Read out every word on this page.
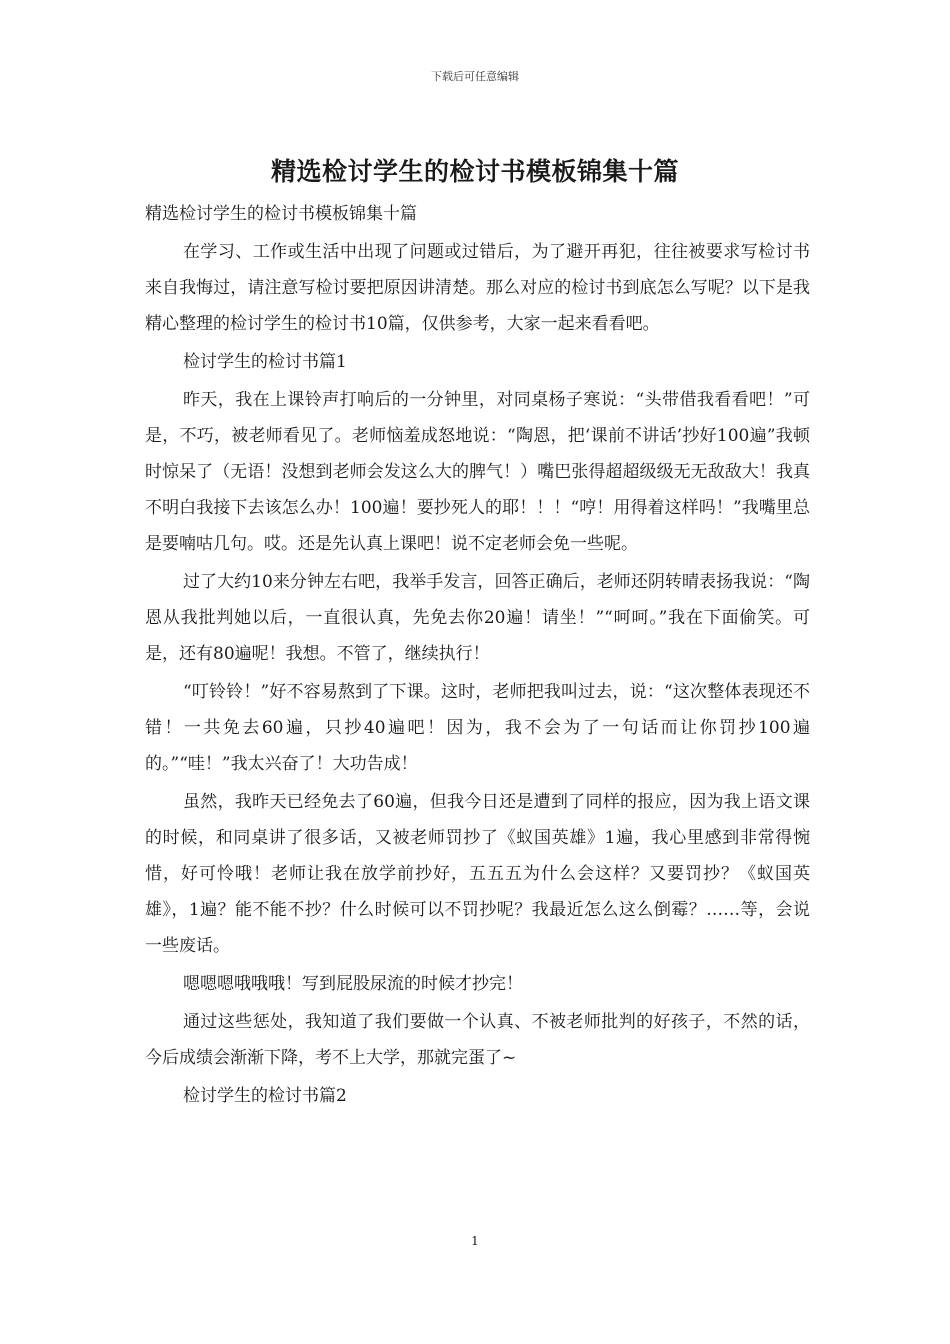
下载后可任意编辑
精选检讨学生的检讨书模板锦集十篇

精选检讨学生的检讨书模板锦集十篇

在学习、工作或生活中出现了问题或过错后，为了避开再犯，往往被要求写检讨书来自我悔过，请注意写检讨要把原因讲清楚。那么对应的检讨书到底怎么写呢？以下是我精心整理的检讨学生的检讨书10篇，仅供参考，大家一起来看看吧。

检讨学生的检讨书篇1

昨天，我在上课铃声打响后的一分钟里，对同桌杨子寒说：“头带借我看看吧！”可是，不巧，被老师看见了。老师恼羞成怒地说：“陶恩，把‘课前不讲话’抄好100遍”我顿时惊呆了（无语！没想到老师会发这么大的脾气！）嘴巴张得超超级级无无敌敌大！我真不明白我接下去该怎么办！100遍！要抄死人的耶！！！“哼！用得着这样吗！”我嘴里总是要喃咕几句。哎。还是先认真上课吧！说不定老师会免一些呢。

过了大约10来分钟左右吧，我举手发言，回答正确后，老师还阴转晴表扬我说：“陶恩从我批判她以后，一直很认真，先免去你20遍！请坐！”“呵呵。”我在下面偷笑。可是，还有80遍呢！我想。不管了，继续执行！

“叮铃铃！”好不容易熬到了下课。这时，老师把我叫过去，说：“这次整体表现还不错！一共免去60遍，只抄40遍吧！因为，我不会为了一句话而让你罚抄100遍的。”“哇！”我太兴奋了！大功告成！

虽然，我昨天已经免去了60遍，但我今日还是遭到了同样的报应，因为我上语文课的时候，和同桌讲了很多话，又被老师罚抄了《蚁国英雄》1遍，我心里感到非常得惋惜，好可怜哦！老师让我在放学前抄好，五五五为什么会这样？又要罚抄？《蚁国英雄》，1遍？能不能不抄？什么时候可以不罚抄呢？我最近怎么这么倒霉？……等，会说一些废话。

嗯嗯嗯哦哦哦！写到屁股尿流的时候才抄完！

通过这些惩处，我知道了我们要做一个认真、不被老师批判的好孩子，不然的话，今后成绩会渐渐下降，考不上大学，那就完蛋了~

检讨学生的检讨书篇2

1
